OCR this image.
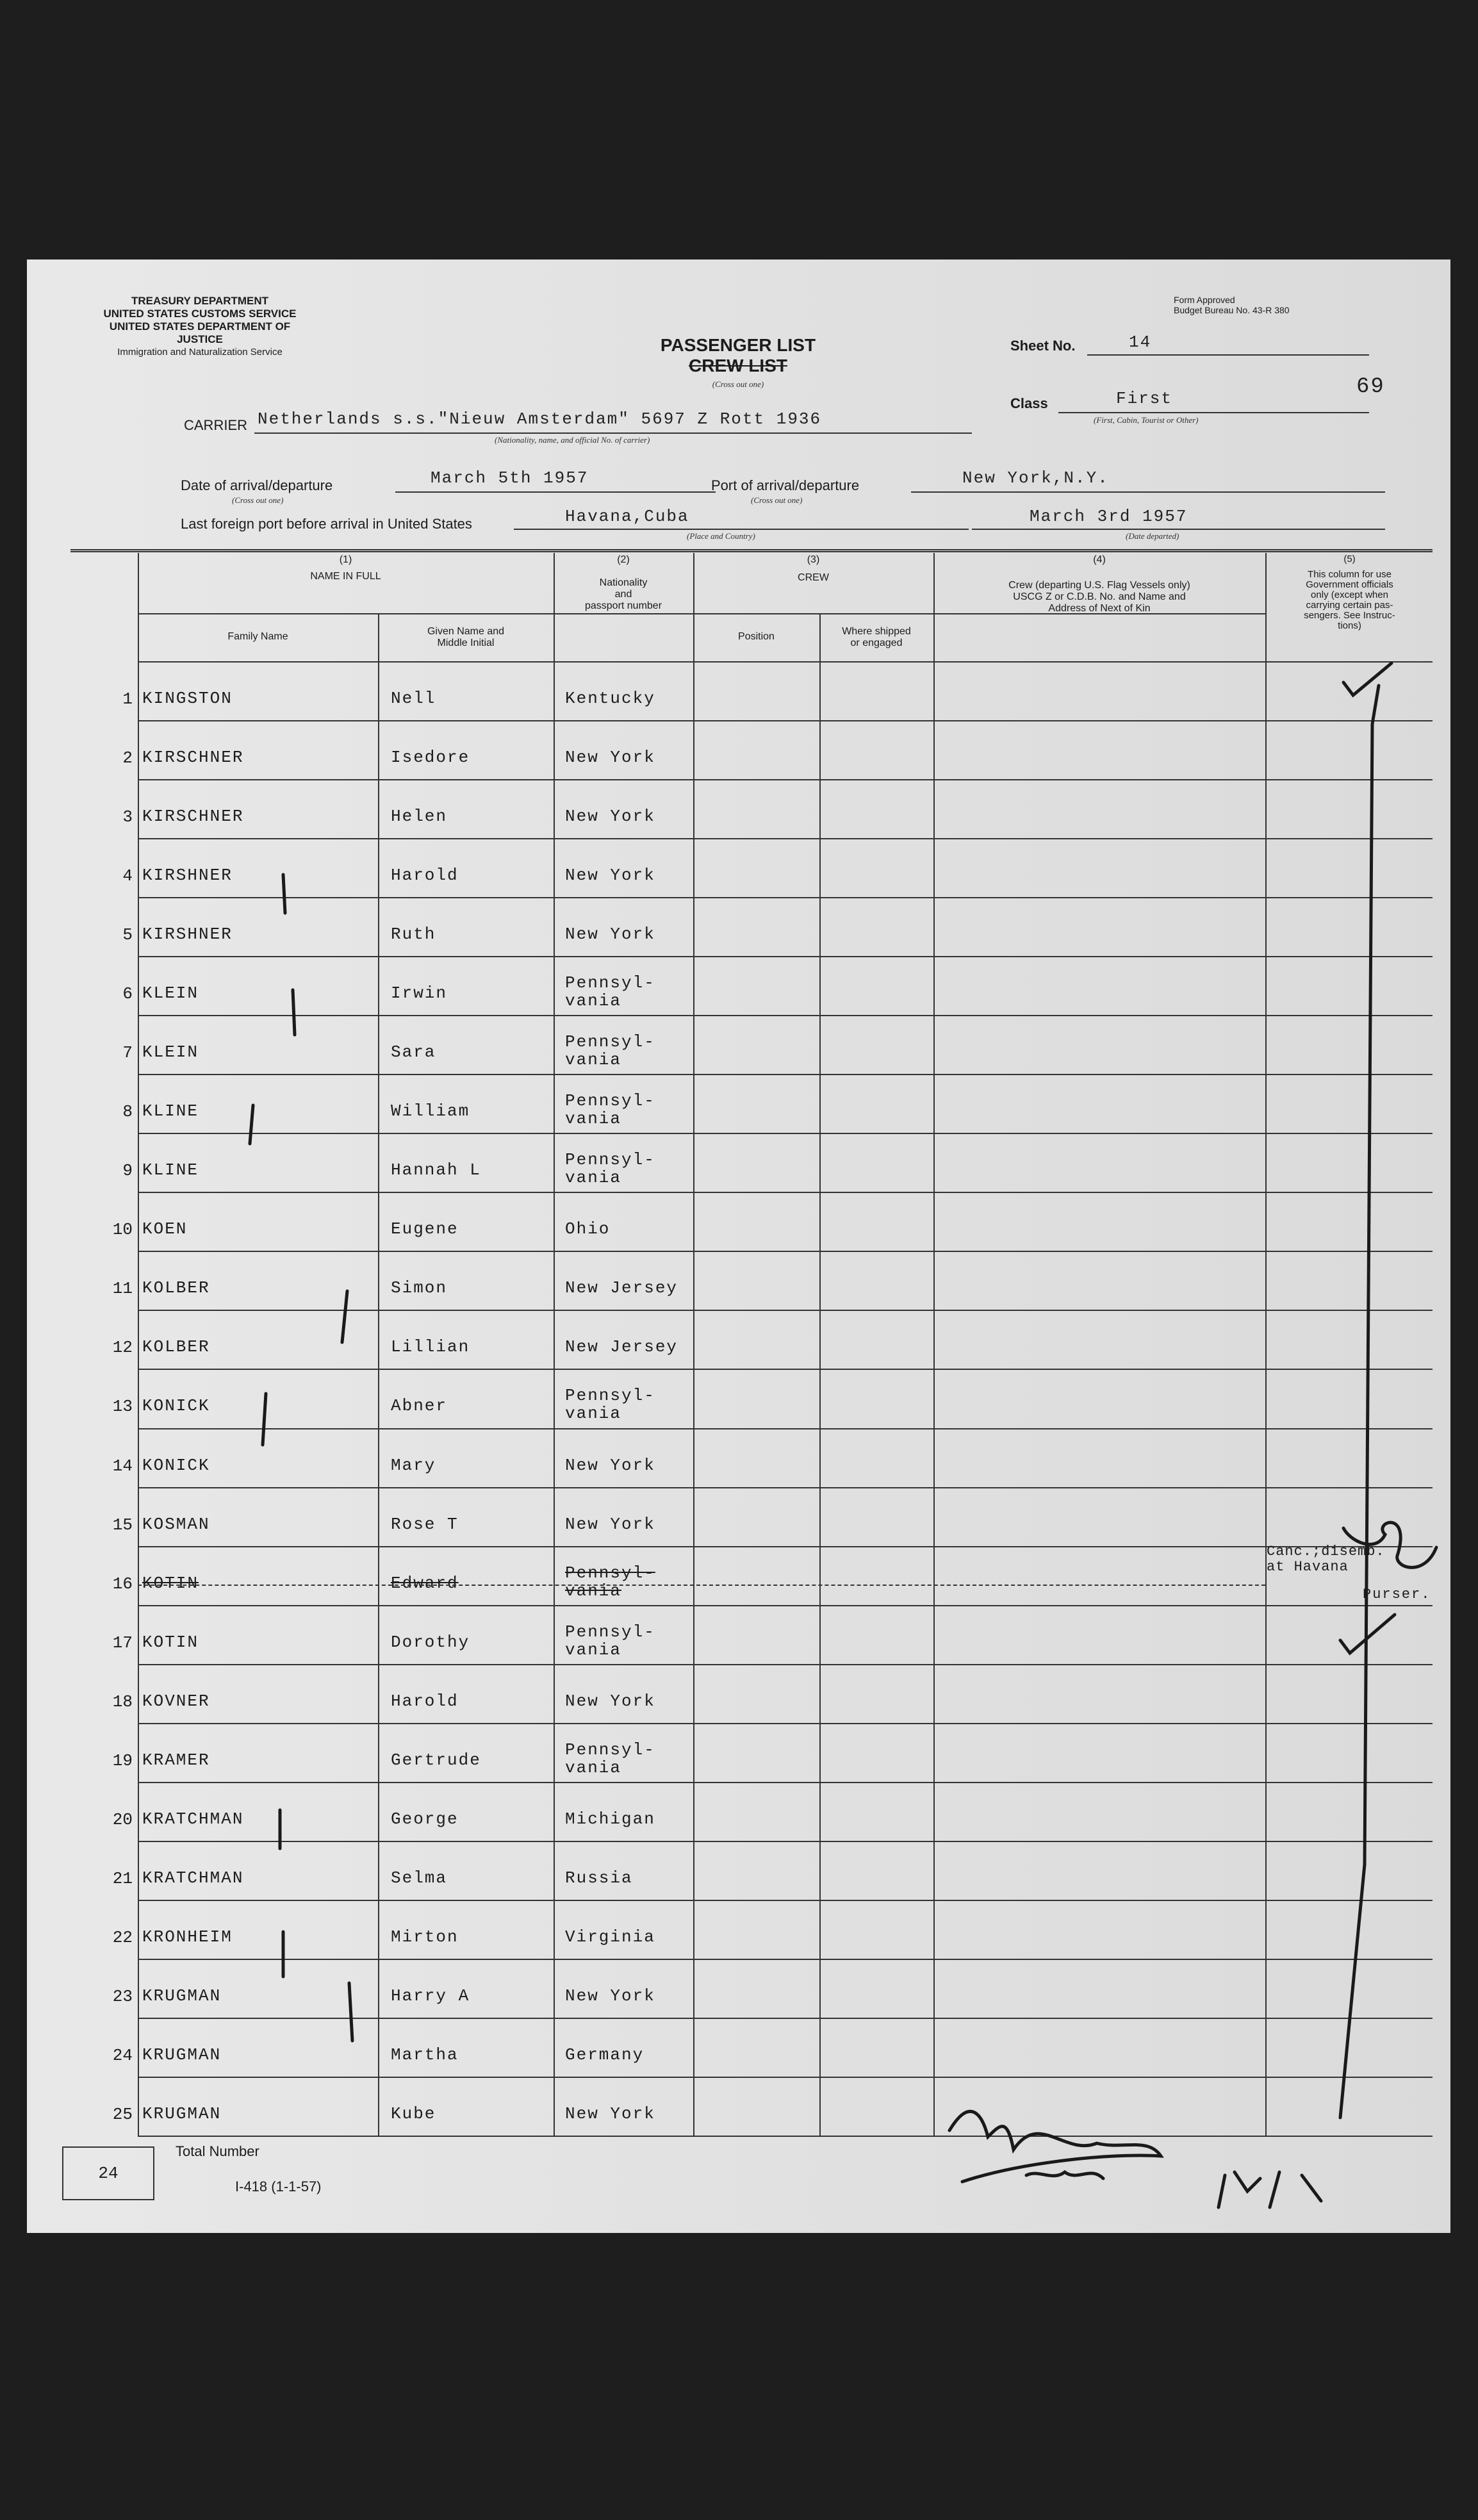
TREASURY DEPARTMENT
UNITED STATES CUSTOMS SERVICE
UNITED STATES DEPARTMENT OF JUSTICE
Immigration and Naturalization Service
Form Approved
Budget Bureau No. 43-R 380
PASSENGER LIST
CREW LIST
(Cross out one)
Sheet No.	14
Class	First
(First, Cabin, Tourist or Other)
69
CARRIER Netherlands s.s."Nieuw Amsterdam" 5697 Z Rott 1936
(Nationality, name, and official No. of carrier)
Date of arrival/departure	March 5th 1957
(Cross out one)
Port of arrival/departure	New York,N.Y.
(Cross out one)
Last foreign port before arrival in United States	Havana,Cuba
(Place and Country)
March 3rd 1957
(Date departed)
(1)
NAME IN FULL
Family Name	Given Name and
Middle Initial
(2)
Nationality
and
passport number
(3)
CREW
Position	Where shipped
or engaged
(4)
Crew (departing U.S. Flag Vessels only)
USCG Z or C.D.B. No. and Name and
Address of Next of Kin
(5)
This column for use
Government officials
only (except when
carrying certain pas-
sengers. See Instruc-
tions)
1 KINGSTON	Nell	Kentucky
2 KIRSCHNER	Isedore	New York
3 KIRSCHNER	Helen	New York
4 KIRSHNER	Harold	New York
5 KIRSHNER	Ruth	New York
6 KLEIN	Irwin
Pennsyl-
vania
7 KLEIN	Sara
Pennsyl-
vania
8 KLINE	William
Pennsyl-
vania
9 KLINE	Hannah L
Pennsyl-
vania
10 KOEN	Eugene	Ohio
11 KOLBER	Simon	New Jersey
12 KOLBER	Lillian	New Jersey
13 KONICK	Abner
Pennsyl-
vania
14 KONICK	Mary	New York
15 KOSMAN	Rose T	New York
16 KOTIN	Edward
Pennsyl-
vania
17 KOTIN	Dorothy
Pennsyl-
vania
18 KOVNER	Harold	New York
19 KRAMER	Gertrude
Pennsyl-
vania
20 KRATCHMAN	George	Michigan
21 KRATCHMAN	Selma	Russia
22 KRONHEIM	Mirton	Virginia
23 KRUGMAN	Harry A	New York
24 KRUGMAN	Martha	Germany
25 KRUGMAN	Kube	New York
Canc.;disemb.
at Havana
Purser.
24
Total Number
I-418 (1-1-57)
